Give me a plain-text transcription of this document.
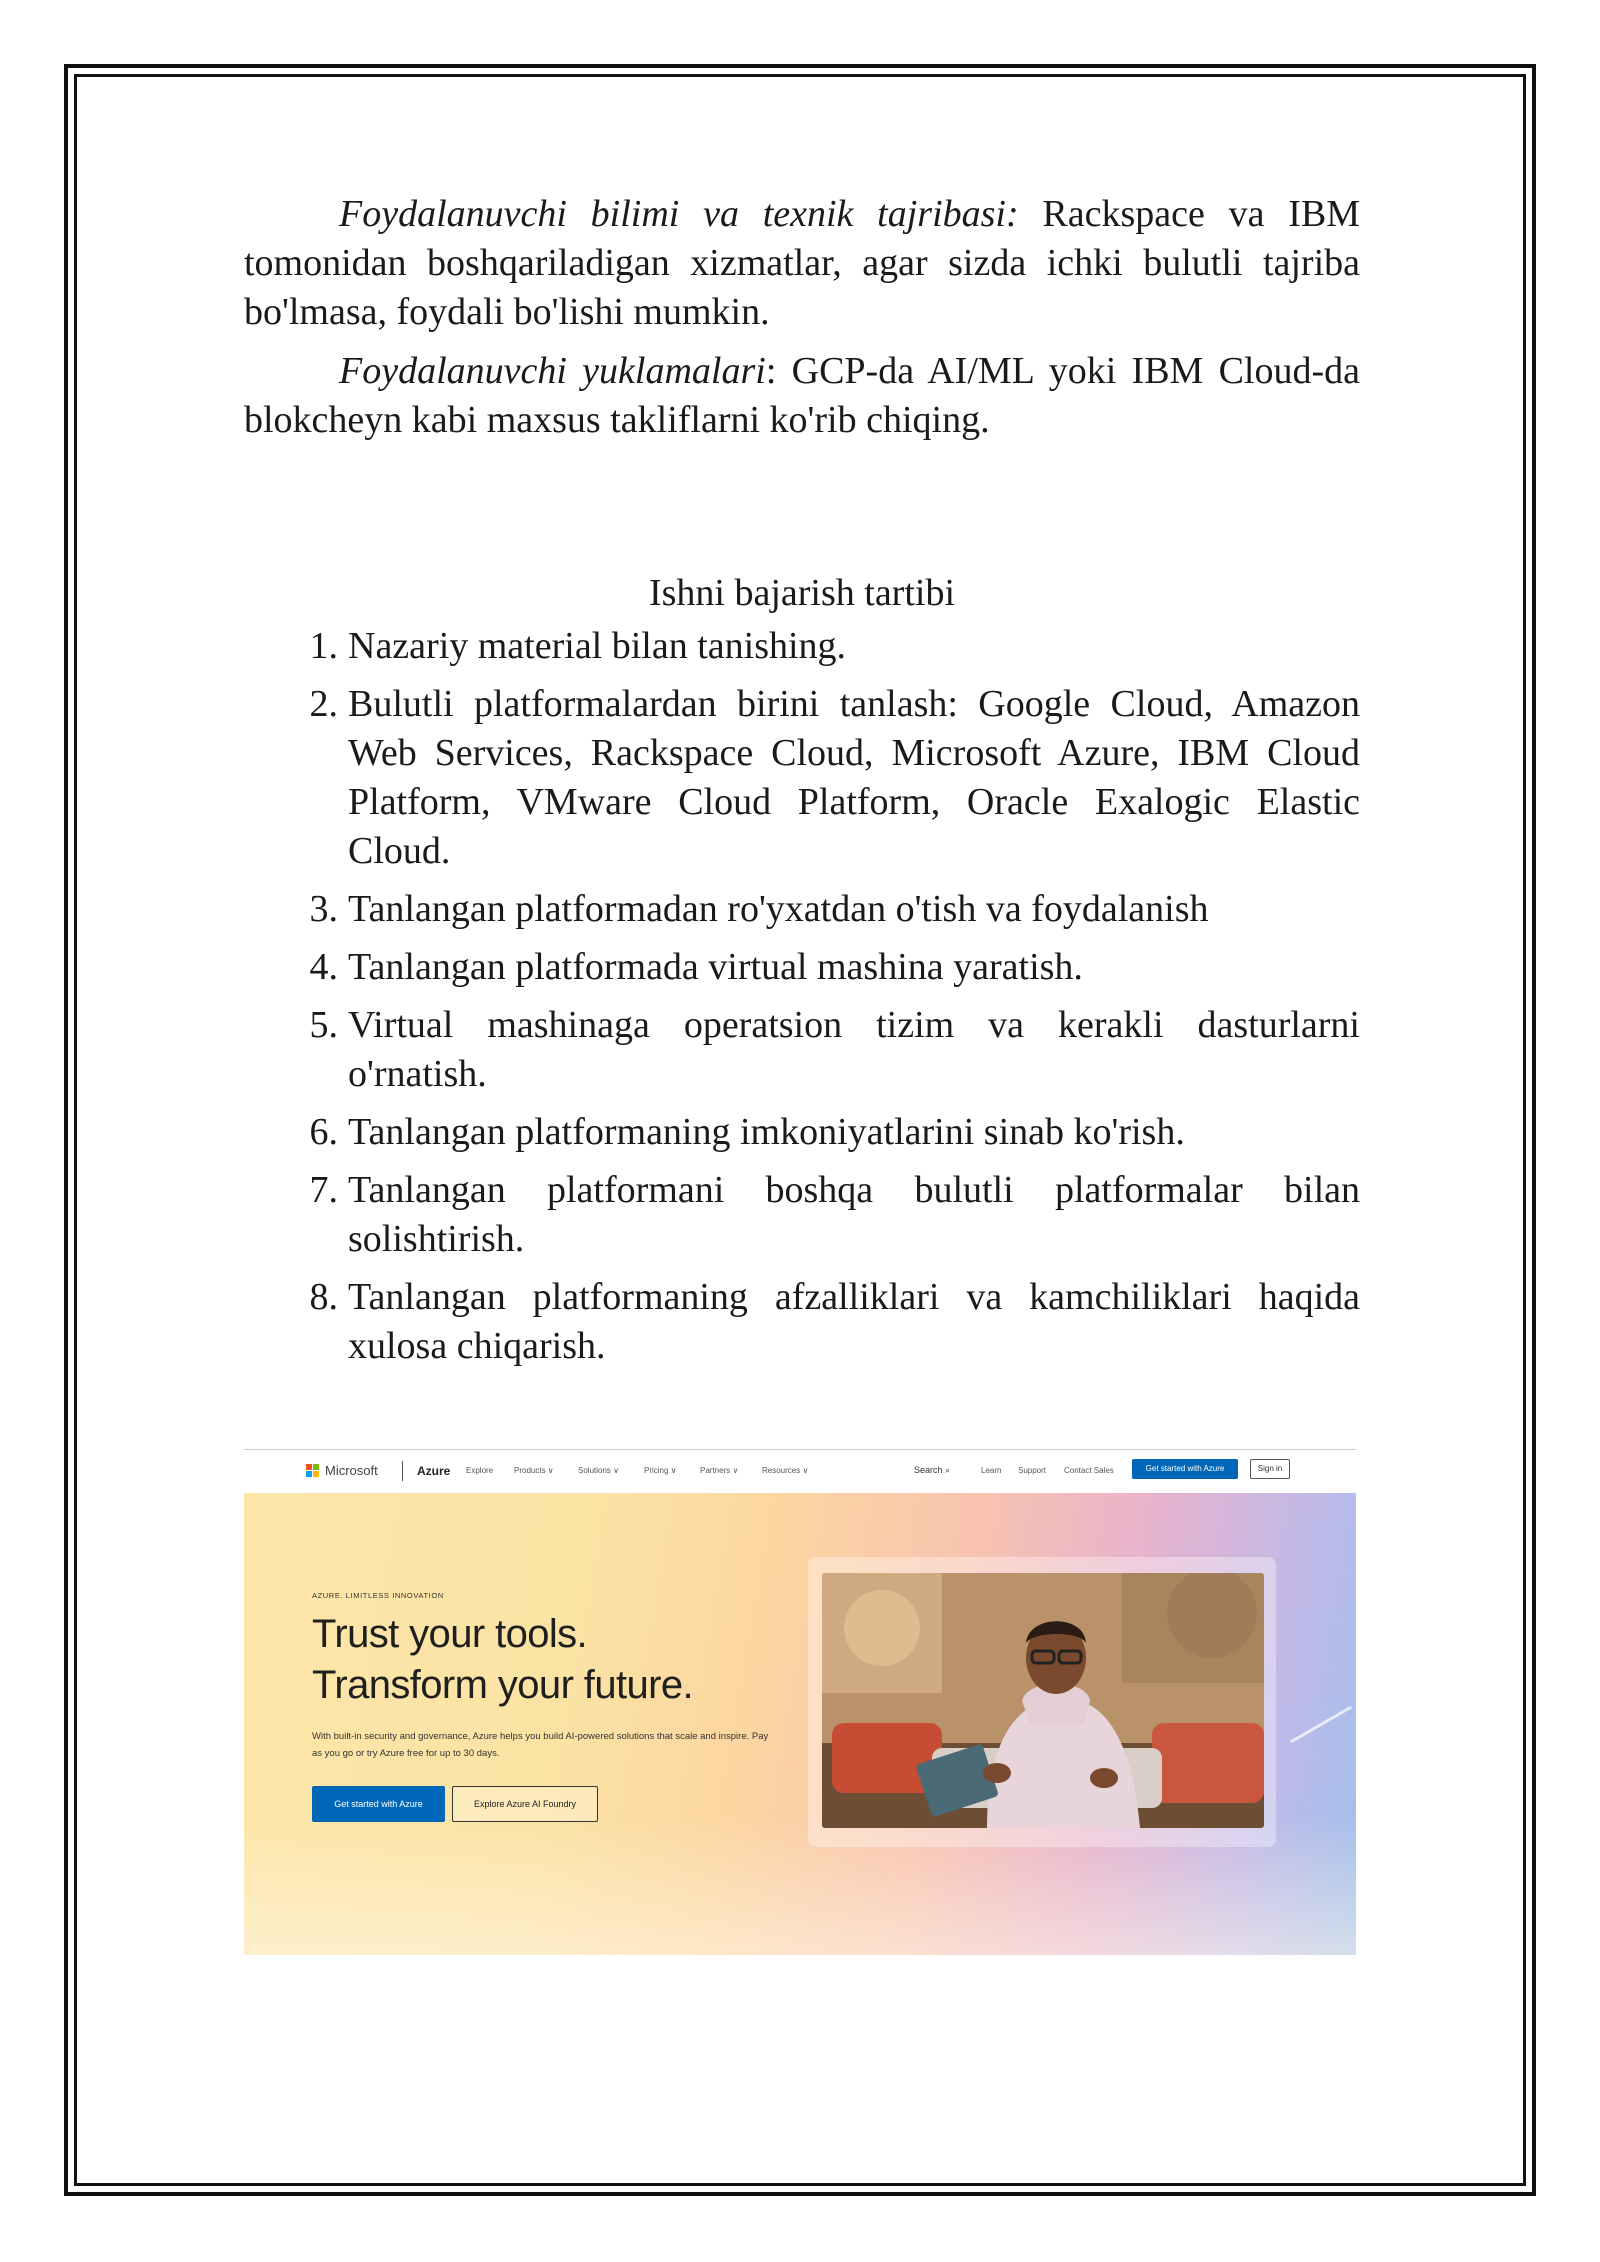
Foydalanuvchi bilimi va texnik tajribasi: Rackspace va IBM tomonidan boshqariladigan xizmatlar, agar sizda ichki bulutli tajriba bo'lmasa, foydali bo'lishi mumkin.

Foydalanuvchi yuklamalari: GCP-da AI/ML yoki IBM Cloud-da blokcheyn kabi maxsus takliflarni ko'rib chiqing.

Ishni bajarish tartibi
1. Nazariy material bilan tanishing.
2. Bulutli platformalardan birini tanlash: Google Cloud, Amazon Web Services, Rackspace Cloud, Microsoft Azure, IBM Cloud Platform, VMware Cloud Platform, Oracle Exalogic Elastic Cloud.
3. Tanlangan platformadan ro'yxatdan o'tish va foydalanish
4. Tanlangan platformada virtual mashina yaratish.
5. Virtual mashinaga operatsion tizim va kerakli dasturlarni o'rnatish.
6. Tanlangan platformaning imkoniyatlarini sinab ko'rish.
7. Tanlangan platformani boshqa bulutli platformalar bilan solishtirish.
8. Tanlangan platformaning afzalliklari va kamchiliklari haqida xulosa chiqarish.
Microsoft	Azure Explore	Products ∨	Solutions ∨	Pricing ∨	Partners ∨	Resources ∨	Search ⌕	Learn Support Contact Sales	Get started with Azure	Sign in
AZURE. LIMITLESS INNOVATION
Trust your tools.
Transform your future.
With built-in security and governance, Azure helps you build AI-powered solutions that scale and inspire. Pay as you go or try Azure free for up to 30 days.
Get started with Azure	Explore Azure AI Foundry
